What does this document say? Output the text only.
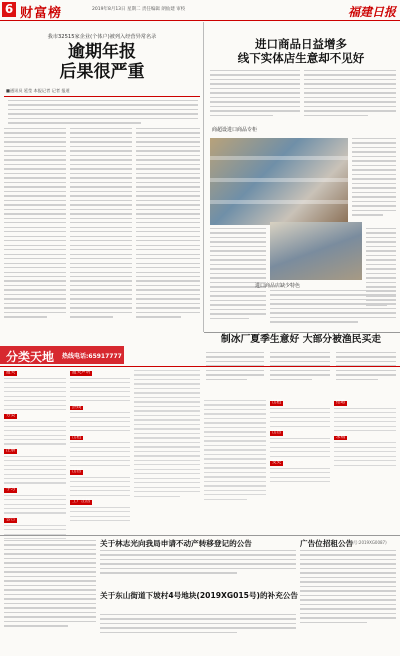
6 财富榜	2019年8月13日 星期二 责任编辑 朗仙建 审校	福建日报
我市32515家企业(个体户)被列入经营异常名录
逾期年报
后果很严重
■通讯员 延莹 本报记者 记者 报道
进口商品日益增多
线下实体店生意却不见好
商超设进口商品专柜
进口商品店缺少特色
制冰厂夏季生意好 大部分被渔民买走
分类天地 热线电话:65917777
遗失
分类
注册
学习
公告
遗失声明
热线
出租
出售
工厂出售
出租
出售
变更
招聘
求购
关于林志光向我局申请不动产转移登记的公告
关于东山街道下坡村4号地块(2019XG015号)的补充公告
广告位招租公告
(编号:2019XG0087)
